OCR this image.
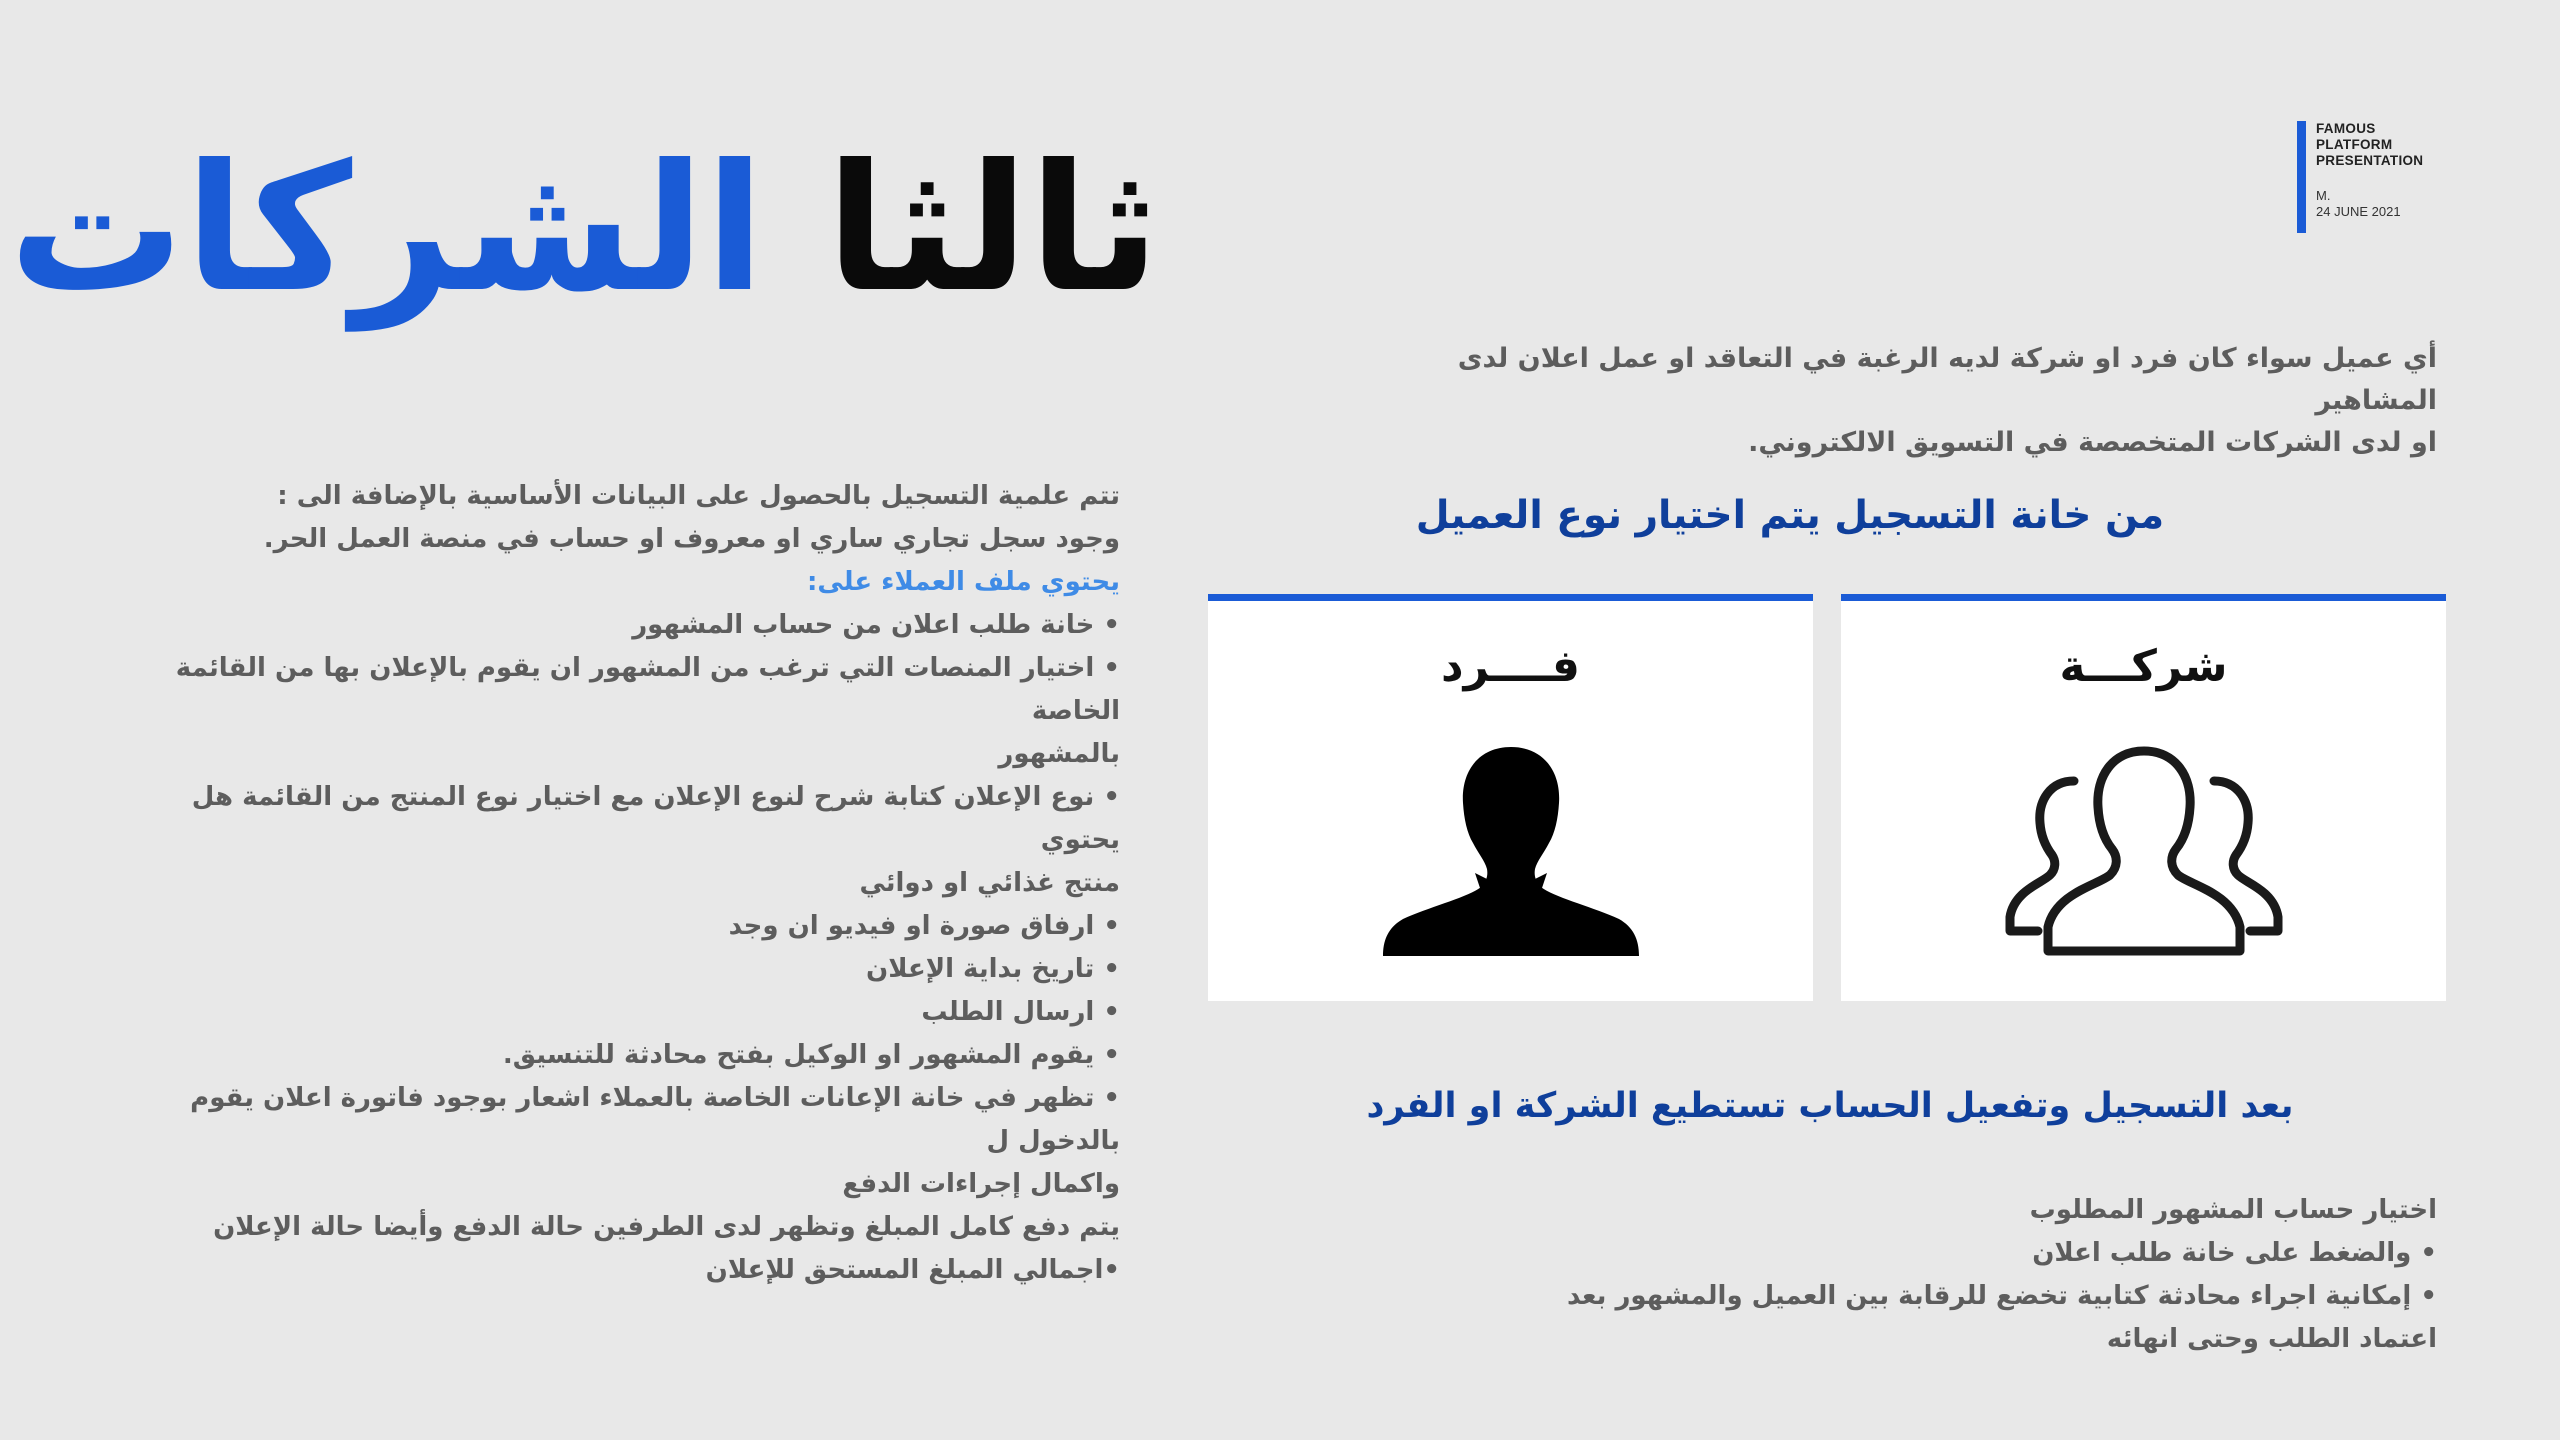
ثالثا الشركات	FAMOUS
PLATFORM
PRESENTATION
M.
24 JUNE 2021
أي عميل سواء كان فرد او شركة لديه الرغبة في التعاقد او عمل اعلان لدى المشاهير
او لدى الشركات المتخصصة في التسويق الالكتروني.
تتم علمية التسجيل بالحصول على البيانات الأساسية بالإضافة الى :
وجود سجل تجاري ساري او معروف او حساب في منصة العمل الحر.
يحتوي ملف العملاء على:
• خانة طلب اعلان من حساب المشهور
• اختيار المنصات التي ترغب من المشهور ان يقوم بالإعلان بها من القائمة الخاصة
بالمشهور
• نوع الإعلان كتابة شرح لنوع الإعلان مع اختيار نوع المنتج من القائمة هل يحتوي
منتج غذائي او دوائي
• ارفاق صورة او فيديو ان وجد
• تاريخ بداية الإعلان
• ارسال الطلب
• يقوم المشهور او الوكيل بفتح محادثة للتنسيق.
• تظهر في خانة الإعانات الخاصة بالعملاء اشعار بوجود فاتورة اعلان يقوم بالدخول ل
واكمال إجراءات الدفع
يتم دفع كامل المبلغ وتظهر لدى الطرفين حالة الدفع وأيضا حالة الإعلان
•اجمالي المبلغ المستحق للإعلان
من خانة التسجيل يتم اختيار نوع العميل
فــــرد	شركـــة
بعد التسجيل وتفعيل الحساب تستطيع الشركة او الفرد
اختيار حساب المشهور المطلوب
• والضغط على خانة طلب اعلان
• إمكانية اجراء محادثة كتابية تخضع للرقابة بين العميل والمشهور بعد
اعتماد الطلب وحتى انهائه
